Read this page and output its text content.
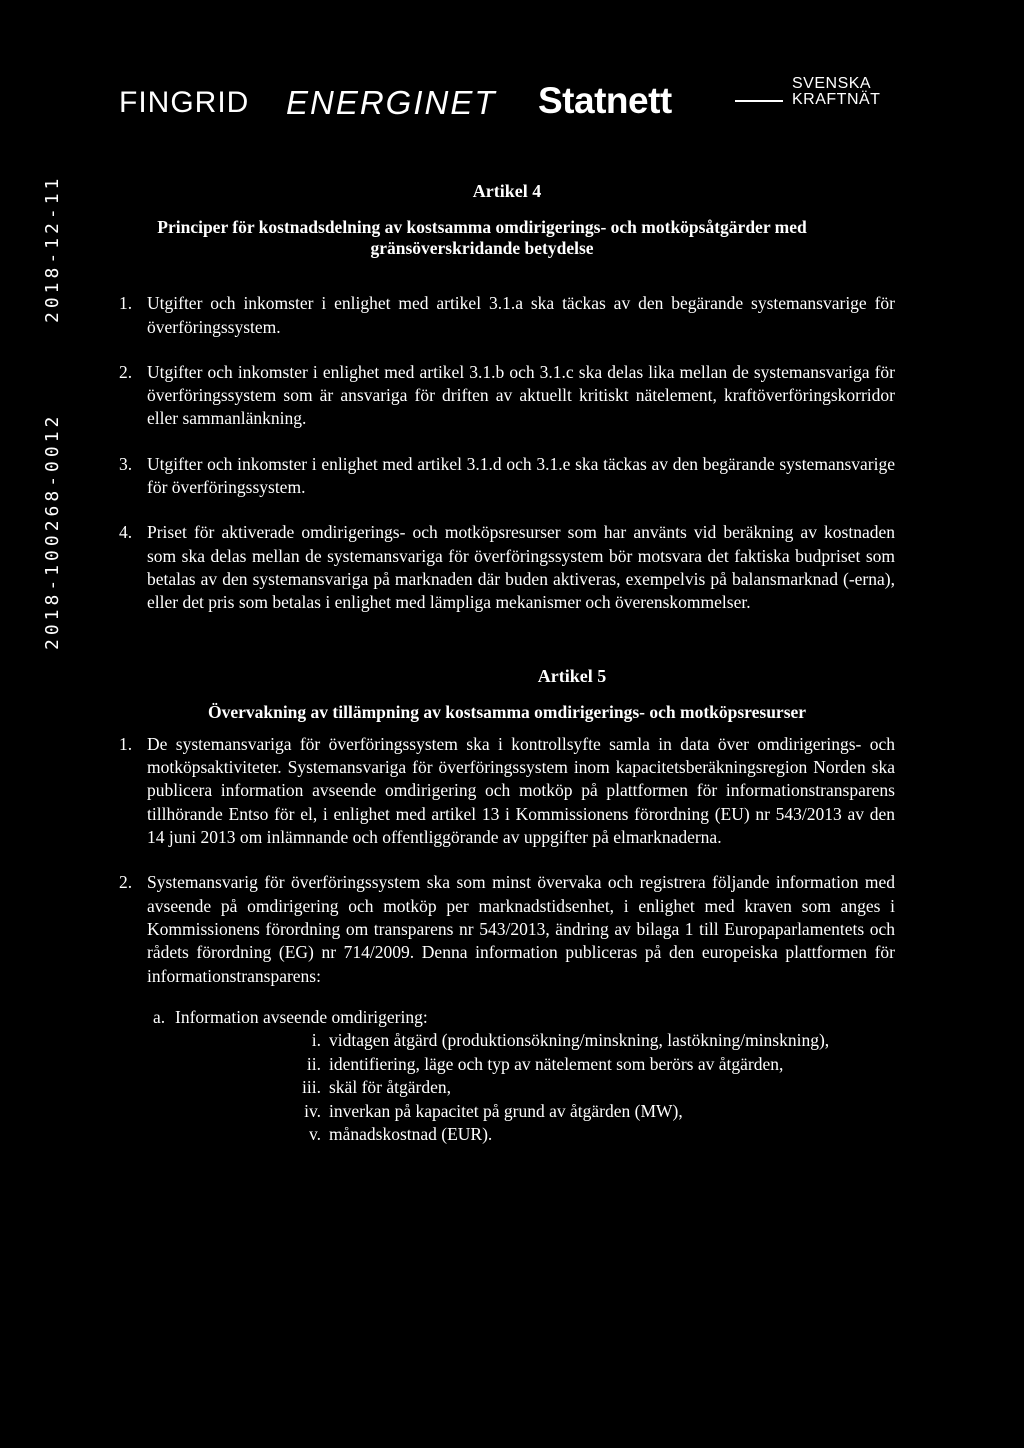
FINGRID ENERGINET Statnett	SVENSKA
KRAFTNÄT
2018-12-11
2018-100268-0012
Artikel 4
Principer för kostnadsdelning av kostsamma omdirigerings- och motköpsåtgärder med gränsöverskridande betydelse
1. Utgifter och inkomster i enlighet med artikel 3.1.a ska täckas av den begärande systemansvarige för överföringssystem.
2. Utgifter och inkomster i enlighet med artikel 3.1.b och 3.1.c ska delas lika mellan de systemansvariga för överföringssystem som är ansvariga för driften av aktuellt kritiskt nätelement, kraftöverföringskorridor eller sammanlänkning.
3. Utgifter och inkomster i enlighet med artikel 3.1.d och 3.1.e ska täckas av den begärande systemansvarige för överföringssystem.
4. Priset för aktiverade omdirigerings- och motköpsresurser som har använts vid beräkning av kostnaden som ska delas mellan de systemansvariga för överföringssystem bör motsvara det faktiska budpriset som betalas av den systemansvariga på marknaden där buden aktiveras, exempelvis på balansmarknad (-erna), eller det pris som betalas i enlighet med lämpliga mekanismer och överenskommelser.
Artikel 5
Övervakning av tillämpning av kostsamma omdirigerings- och motköpsresurser
1. De systemansvariga för överföringssystem ska i kontrollsyfte samla in data över omdirigerings- och motköpsaktiviteter. Systemansvariga för överföringssystem inom kapacitetsberäkningsregion Norden ska publicera information avseende omdirigering och motköp på plattformen för informationstransparens tillhörande Entso för el, i enlighet med artikel 13 i Kommissionens förordning (EU) nr 543/2013 av den 14 juni 2013 om inlämnande och offentliggörande av uppgifter på elmarknaderna.
2. Systemansvarig för överföringssystem ska som minst övervaka och registrera följande information med avseende på omdirigering och motköp per marknadstidsenhet, i enlighet med kraven som anges i Kommissionens förordning om transparens nr 543/2013, ändring av bilaga 1 till Europaparlamentets och rådets förordning (EG) nr 714/2009. Denna information publiceras på den europeiska plattformen för informationstransparens:
a. Information avseende omdirigering:
i. vidtagen åtgärd (produktionsökning/minskning, lastökning/minskning),
ii. identifiering, läge och typ av nätelement som berörs av åtgärden,
iii. skäl för åtgärden,
iv. inverkan på kapacitet på grund av åtgärden (MW),
v. månadskostnad (EUR).
